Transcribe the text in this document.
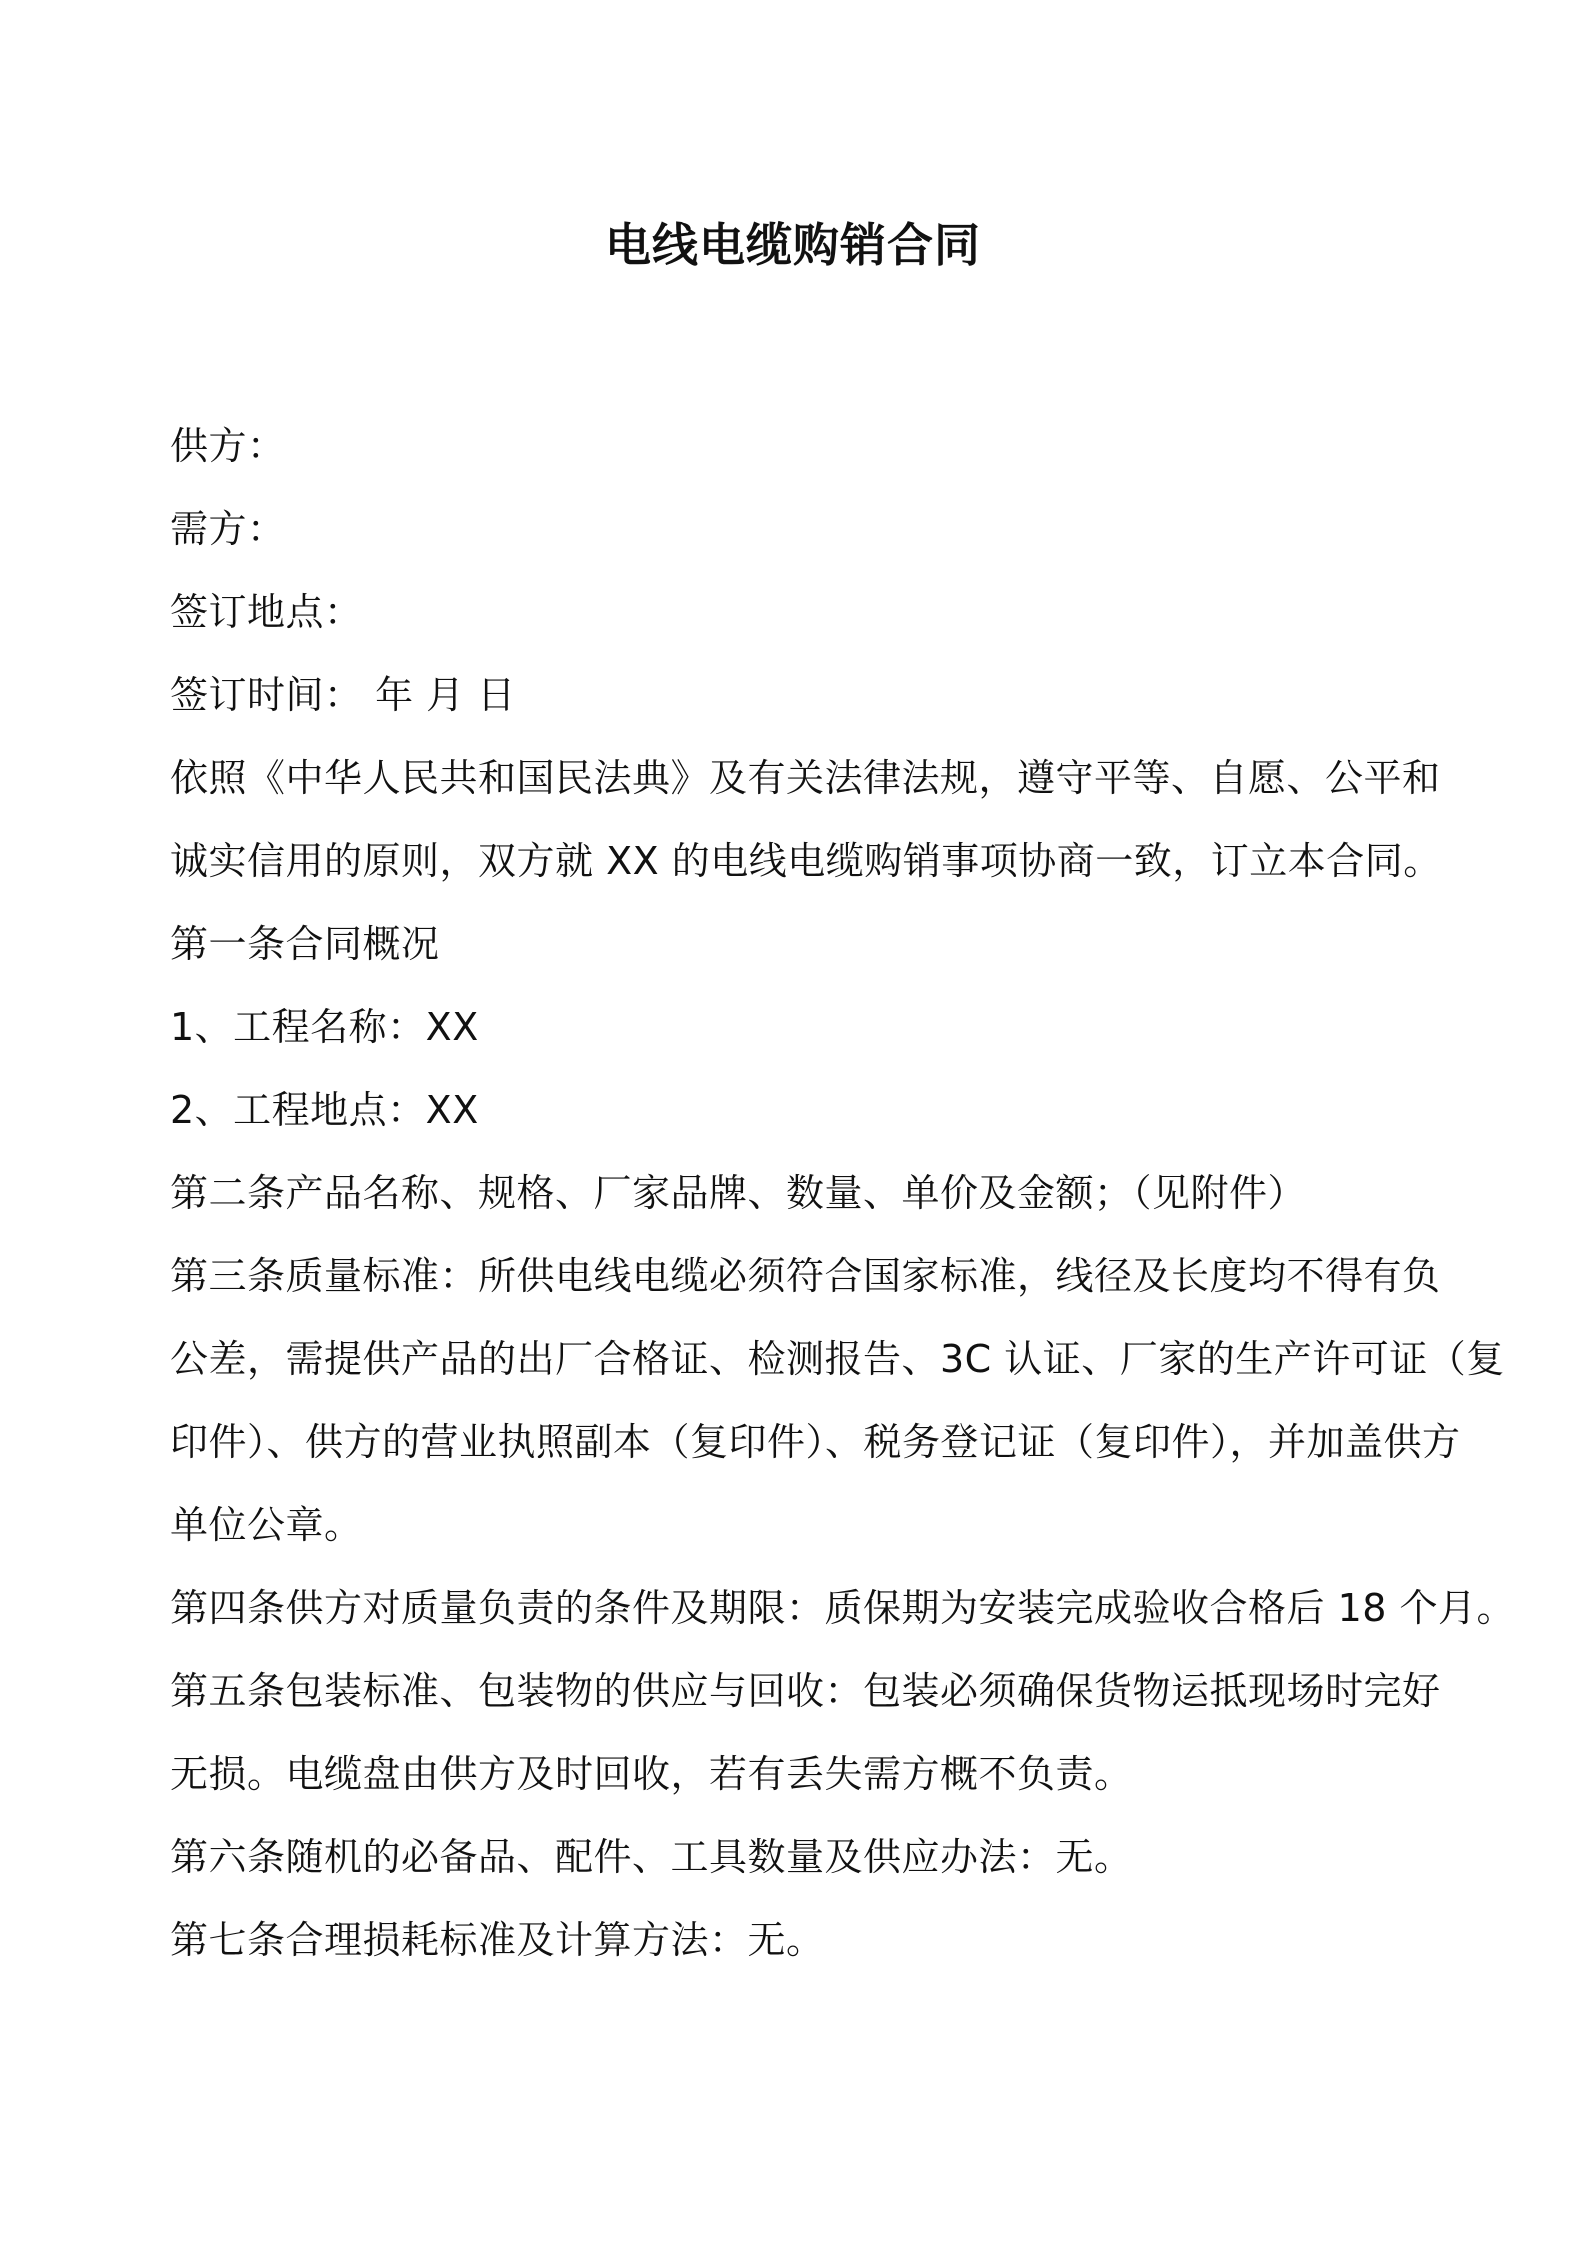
电线电缆购销合同
供方：
需方：
签订地点：
签订时间： 年 月 日
依照《中华人民共和国民法典》及有关法律法规，遵守平等、自愿、公平和
诚实信用的原则，双方就 XX 的电线电缆购销事项协商一致，订立本合同。
第一条合同概况
1、工程名称：XX
2、工程地点：XX
第二条产品名称、规格、厂家品牌、数量、单价及金额；（见附件）
第三条质量标准：所供电线电缆必须符合国家标准，线径及长度均不得有负
公差，需提供产品的出厂合格证、检测报告、3C 认证、厂家的生产许可证（复
印件）、供方的营业执照副本（复印件）、税务登记证（复印件），并加盖供方
单位公章。
第四条供方对质量负责的条件及期限：质保期为安装完成验收合格后 18 个月。
第五条包装标准、包装物的供应与回收：包装必须确保货物运抵现场时完好
无损。电缆盘由供方及时回收，若有丢失需方概不负责。
第六条随机的必备品、配件、工具数量及供应办法：无。
第七条合理损耗标准及计算方法：无。
